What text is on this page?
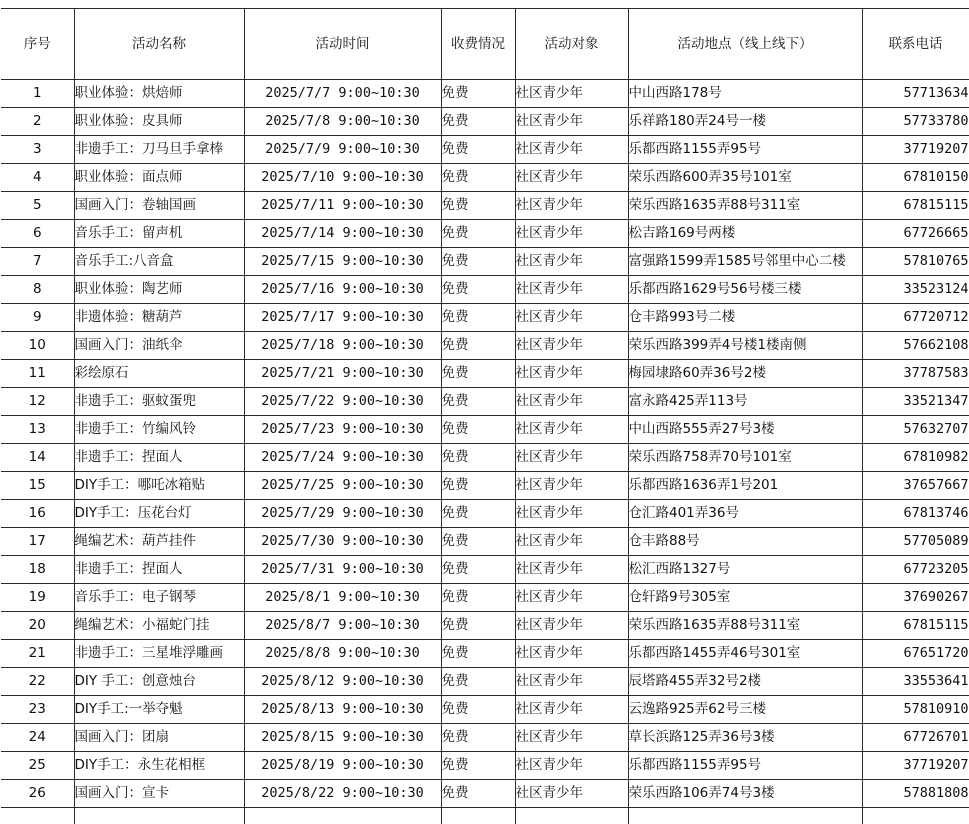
序号	活动名称	活动时间	收费情况	活动对象	活动地点（线上线下）	联系电话
1	职业体验：烘焙师	2025/7/7 9:00~10:30	免费	社区青少年	中山西路178号	57713634
2	职业体验：皮具师	2025/7/8 9:00~10:30	免费	社区青少年	乐祥路180弄24号一楼	57733780
3	非遗手工：刀马旦手拿棒	2025/7/9 9:00~10:30	免费	社区青少年	乐都西路1155弄95号	37719207
4	职业体验：面点师	2025/7/10 9:00~10:30	免费	社区青少年	荣乐西路600弄35号101室	67810150
5	国画入门：卷轴国画	2025/7/11 9:00~10:30	免费	社区青少年	荣乐西路1635弄88号311室	67815115
6	音乐手工：留声机	2025/7/14 9:00~10:30	免费	社区青少年	松吉路169号两楼	67726665
7	音乐手工:八音盒	2025/7/15 9:00~10:30	免费	社区青少年	富强路1599弄1585号邻里中心二楼	57810765
8	职业体验：陶艺师	2025/7/16 9:00~10:30	免费	社区青少年	乐都西路1629号56号楼三楼	33523124
9	非遗体验：糖葫芦	2025/7/17 9:00~10:30	免费	社区青少年	仓丰路993号二楼	67720712
10	国画入门：油纸伞	2025/7/18 9:00~10:30	免费	社区青少年	荣乐西路399弄4号楼1楼南侧	57662108
11	彩绘原石	2025/7/21 9:00~10:30	免费	社区青少年	梅园埭路60弄36号2楼	37787583
12	非遗手工：驱蚊蛋兜	2025/7/22 9:00~10:30	免费	社区青少年	富永路425弄113号	33521347
13	非遗手工：竹编风铃	2025/7/23 9:00~10:30	免费	社区青少年	中山西路555弄27号3楼	57632707
14	非遗手工：捏面人	2025/7/24 9:00~10:30	免费	社区青少年	荣乐西路758弄70号101室	67810982
15	DIY手工：哪吒冰箱贴	2025/7/25 9:00~10:30	免费	社区青少年	乐都西路1636弄1号201	37657667
16	DIY手工：压花台灯	2025/7/29 9:00~10:30	免费	社区青少年	仓汇路401弄36号	67813746
17	绳编艺术：葫芦挂件	2025/7/30 9:00~10:30	免费	社区青少年	仓丰路88号	57705089
18	非遗手工：捏面人	2025/7/31 9:00~10:30	免费	社区青少年	松汇西路1327号	67723205
19	音乐手工：电子钢琴	2025/8/1 9:00~10:30	免费	社区青少年	仓轩路9号305室	37690267
20	绳编艺术：小福蛇门挂	2025/8/7 9:00~10:30	免费	社区青少年	荣乐西路1635弄88号311室	67815115
21	非遗手工：三星堆浮雕画	2025/8/8 9:00~10:30	免费	社区青少年	乐都西路1455弄46号301室	67651720
22	DIY 手工：创意烛台	2025/8/12 9:00~10:30	免费	社区青少年	辰塔路455弄32号2楼	33553641
23	DIY手工:一举夺魁	2025/8/13 9:00~10:30	免费	社区青少年	云逸路925弄62号三楼	57810910
24	国画入门：团扇	2025/8/15 9:00~10:30	免费	社区青少年	草长浜路125弄36号3楼	67726701
25	DIY手工：永生花相框	2025/8/19 9:00~10:30	免费	社区青少年	乐都西路1155弄95号	37719207
26	国画入门：宣卡	2025/8/22 9:00~10:30	免费	社区青少年	荣乐西路106弄74号3楼	57881808
